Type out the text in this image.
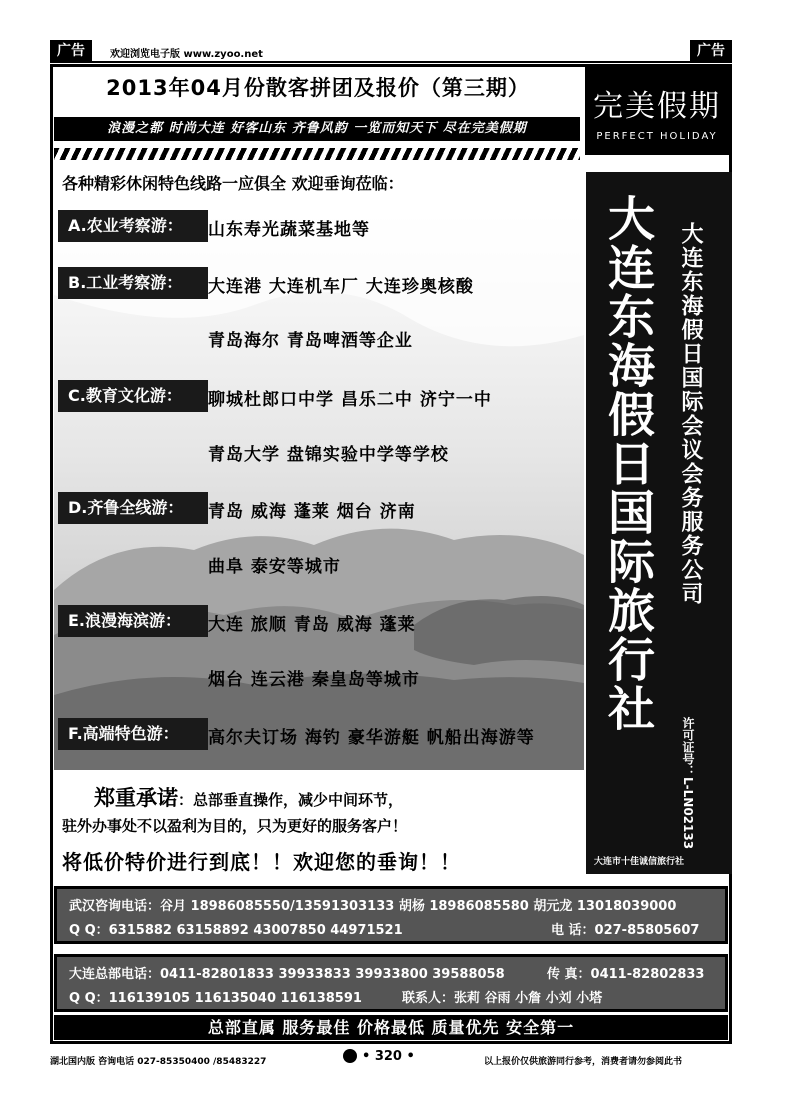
广告	欢迎浏览电子版 www.zyoo.net	广告
2013年04月份散客拼团及报价（第三期）
完美假期
PERFECT HOLIDAY
浪漫之都 时尚大连 好客山东 齐鲁风韵 一览而知天下 尽在完美假期
各种精彩休闲特色线路一应俱全 欢迎垂询莅临：
A.农业考察游：	山东寿光蔬菜基地等
B.工业考察游：	大连港 大连机车厂 大连珍奥核酸
青岛海尔 青岛啤酒等企业
C.教育文化游：	聊城杜郎口中学 昌乐二中 济宁一中
青岛大学 盘锦实验中学等学校
D.齐鲁全线游：	青岛 威海 蓬莱 烟台 济南
曲阜 泰安等城市
E.浪漫海滨游：	大连 旅顺 青岛 威海 蓬莱
烟台 连云港 秦皇岛等城市
F.高端特色游：	高尔夫订场 海钓 豪华游艇 帆船出海游等
郑重承诺：总部垂直操作，减少中间环节，
驻外办事处不以盈利为目的，只为更好的服务客户！
将低价特价进行到底！！欢迎您的垂询！！
大连东海假日国际旅行社 大连东海假日国际会议会务服务公司
许可证号：L-LN02133
大连市十佳诚信旅行社
武汉咨询电话：谷月 18986085550/13591303133 胡杨 18986085580 胡元龙 13018039000
Q Q：6315882 63158892 43007850 44971521	电 话：027-85805607
大连总部电话：0411-82801833 39933833 39933800 39588058	传 真：0411-82802833
Q Q：116139105 116135040 116138591	联系人：张莉 谷雨 小詹 小刘 小塔
总部直属 服务最佳 价格最低 质量优先 安全第一
湖北国内版 咨询电话 027-85350400 /85483227	• 320 •	以上报价仅供旅游同行参考，消费者请勿参阅此书
